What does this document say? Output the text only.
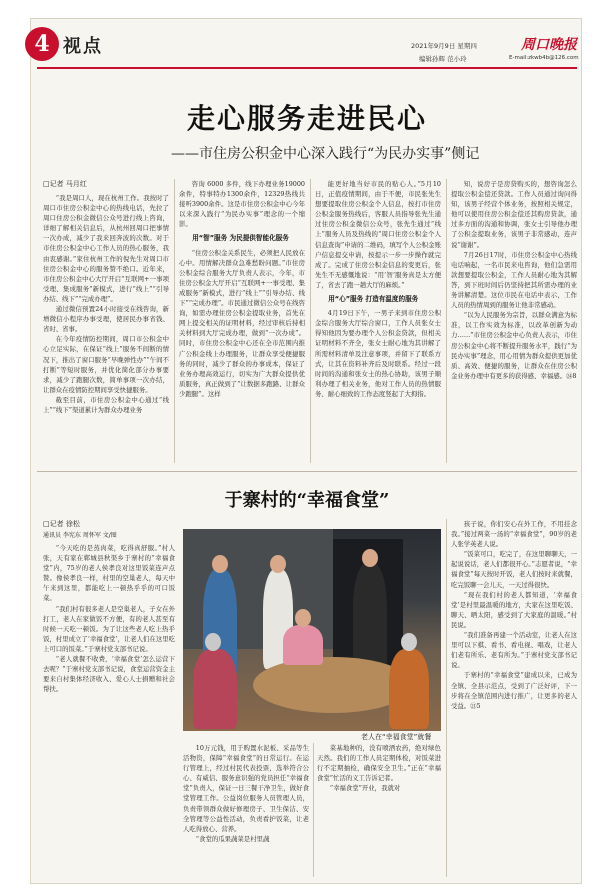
4 视点	2021年9月9日 星期四
编辑孙辉 范小玲
周口晚报
E-mail:zkwb4b@126.com
走心服务走进民心
——市住房公积金中心深入践行“为民办实事”侧记
□记者 马月红

“我是周口人，现在杭州工作。我按时了周口市住房公积金中心的热线电话，先拉了周口住房公积金微信公众号进行线上咨询，详细了解相关信息后，从杭州回周口把事情一次办成，减少了我来回奔波的次数。对于市住房公积金中心工作人员的热心服务，我由衷感谢。”家住杭州工作的倪先生对周口市住房公积金中心的服务赞不绝口。近年来，市住房公积金中心大厅开启“互联网+一事项受理、集成服务”新模式，进行“线上”“引导办结、线下”“完成办理”。

通过微信预置24小时接受在线咨询，新增微信小程序办事受理，使居民办事省钱、省时、省事。

在今年疫情防控期间，周口市公积金中心立足实际，在保证“线上”服务不间断的情况下，推出了窗口服务“早晚弹性办”“午间不打断”等短时服务，并优化简化部分办事要求，减少了跑腿次数，简单事项一次办结，让群众在疫情防控期间享受快捷服务。

截至目前，市住房公积金中心通过“线上”“线下”渠道累计为群众办理业务

咨询 6000 多件，线下办理业务19000余件，特事特办1300余件，12329热线共接听3900余件。这是市住房公积金中心今年以来深入践行“为民办实事”理念的一个缩影。

用“智”服务 为民提供智能化服务

“住房公积金关系民生，必须把人民放在心中。用情解决群众急难愁盼问题。”市住房公积金综合服务大厅负责人表示，今年，市住房公积金大厅开启“互联网+一事受理、集成服务”新模式，进行“线上”“引导办结、线下”“完成办理”。市民通过微信公众号在线咨询，如需办理住房公积金提取业务，首先在网上提交相关的证明材料，经过审核后持相关材料到大厅完成办理，做到“一次办成”。同时，市住房公积金中心还在全市范围内推广公积金线上办理服务，让群众享受便捷服务的同时，减少了群众的办事成本，保证了业务办理高效运行，切实为广大群众提供优质服务，真正做到了“让数据多跑路、让群众少跑腿”。这样

能更好地当好市民的贴心人。”5月10日，正值疫情期间，由于不便，市民张先生想要提取住房公积金个人信息，按打市住房公积金服务热线后，客服人员指导张先生通过住房公积金微信公众号，张先生通过“线上”服务人员及热线的“周口住房公积金个人信息查询”申请的二维码，填写个人公积金账户信息提交申请，按提示一步一步操作就完成了。完成了住房公积金信息的变更后，张先生不无感慨地说：“用‘智’服务真是太方便了，省去了跑一趟大厅的麻烦。”

用“心”服务 打造有温度的服务

4月19日下午，一男子来到市住房公积金综合服务大厅综合窗口，工作人员张女士得知他因为要办理个人公积金贷款，但相关证明材料不齐全，张女士耐心地为其讲解了所需材料清单及注意事项，并留下了联系方式，让其在资料补齐后及时联系。经过一段时间的沟通和张女士的热心协助，该男子顺利办理了相关业务，他对工作人员的热情服务、耐心细致的工作态度竖起了大拇指。

知，说房子是房贷购买的，想咨询怎么提取公积金偿还贷款。工作人员通过询问得知，该男子经营个体业务，按照相关规定，他可以使用住房公积金偿还其购房贷款，通过多方面的沟通和协调，张女士引导他办理了公积金提取业务，该男子非常感动，连声说“谢谢”。

7月26日17时，市住房公积金中心热线电话响起，一名市民来电咨询，他们急需用款想要提取公积金，工作人员耐心地为其解答，到下班时间后仍坚持把其所需办理的业务讲解清楚。这位市民在电话中表示，工作人员的热情周到的服务让他非常感动。

“以为人民服务为宗旨，以群众满意为标准，以工作实效为标准，以改革创新为动力……”市住房公积金中心负责人表示，市住房公积金中心将不断提升服务水平，践行“为民办实事”理念，用心用情为群众提供更加优质、高效、便捷的服务，让群众在住房公积金业务办理中有更多的获得感、幸福感。㉔8

于寨村的“幸福食堂”
□记者 徐松
通讯员 李宪东 周怀军 文/图

“今天吃的是蒸肉菜，吃得真舒服。”村人张，天有家在郸城县秋渠乡于寨村的“幸福食堂”内，75岁的老人侯孝良对这里饭菜连声点赞。像侯孝良一样，村里的空巢老人，每天中午来到这里，都能吃上一顿热乎乎的可口饭菜。

“我们村有很多老人是空巢老人，子女在外打工，老人在家做饭不方便，有的老人甚至有时候一天吃一顿饭。为了让这些老人吃上热乎饭，村里成立了‘幸福食堂’，让老人们在这里吃上可口的饭菜。”于寨村党支部书记说。

“老人就餐不收费，‘幸福食堂’怎么运营下去呢？”于寨村党支部书记说，食堂运营资金主要来自村集体经济收入、爱心人士捐赠和社会帮扶。

老人在“幸福食堂”就餐

10万元钱，用于购置水泥板、采品等生活物资，保障“幸福食堂”的日常运行。在运行管理上，经过村民代表投票，选举符合公心、有威信、服务意识强的党员担任“幸福食堂”负责人，保证一日三餐干净卫生，做好食堂管理工作。公益岗位服务人员管理人员，负责带领群众做好修理房子、卫生保洁、安全管理等公益性活动，负责看护饭菜，让老人吃得放心、营养。

“食堂的瓜果蔬菜是村里蔬

菜基地种的，没有喷洒农药，绝对绿色天然。我们的工作人员定期体检，对饭菜进行不定期抽检，确保安全卫生。”正在“幸福食堂”忙活的义工告诉记者。

“幸福食堂”开业，我就对

孩子说，你们安心在外工作，不用挂念我。”接过两菜一汤的“幸福食堂”，90岁的老人张学英老人说。

“饭菜可口，吃完了，在这里聊聊天，一起说说话，老人们都很开心。”志愿者说，“幸福食堂”每天按时开饭，老人们按时来就餐，吃完饭聊一会儿天，一天过得很快。

“现在我们村的老人都知道，‘幸福食堂’是村里最温暖的地方，大家在这里吃饭、聊天、晒太阳，感受到了大家庭的温暖。”村民说。

“我们准备再建一个活动室，让老人在这里可以下棋、看书、看电视、唱戏，让老人们老有所乐、老有所为。”于寨村党支部书记说。

于寨村的“幸福食堂”建成以来，已成为全镇、全县示范点，受到了广泛好评，下一步将在全镇范围内进行推广，让更多的老人受益。㉑5
